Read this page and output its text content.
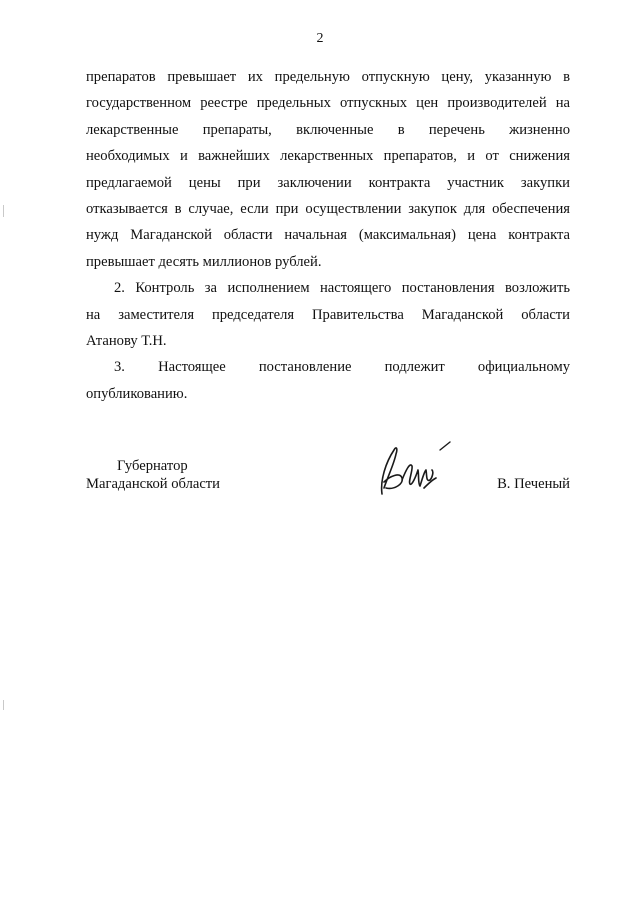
2
препаратов превышает их предельную отпускную цену, указанную в
государственном реестре предельных отпускных цен производителей на
лекарственные препараты, включенные в перечень жизненно
необходимых и важнейших лекарственных препаратов, и от снижения
предлагаемой цены при заключении контракта участник закупки
отказывается в случае, если при осуществлении закупок для обеспечения
нужд Магаданской области начальная (максимальная) цена контракта
превышает десять миллионов рублей.
2. Контроль за исполнением настоящего постановления возложить
на заместителя председателя Правительства Магаданской области
Атанову Т.Н.
3. Настоящее постановление подлежит официальному
опубликованию.
Губернатор
Магаданской области	В. Печеный
